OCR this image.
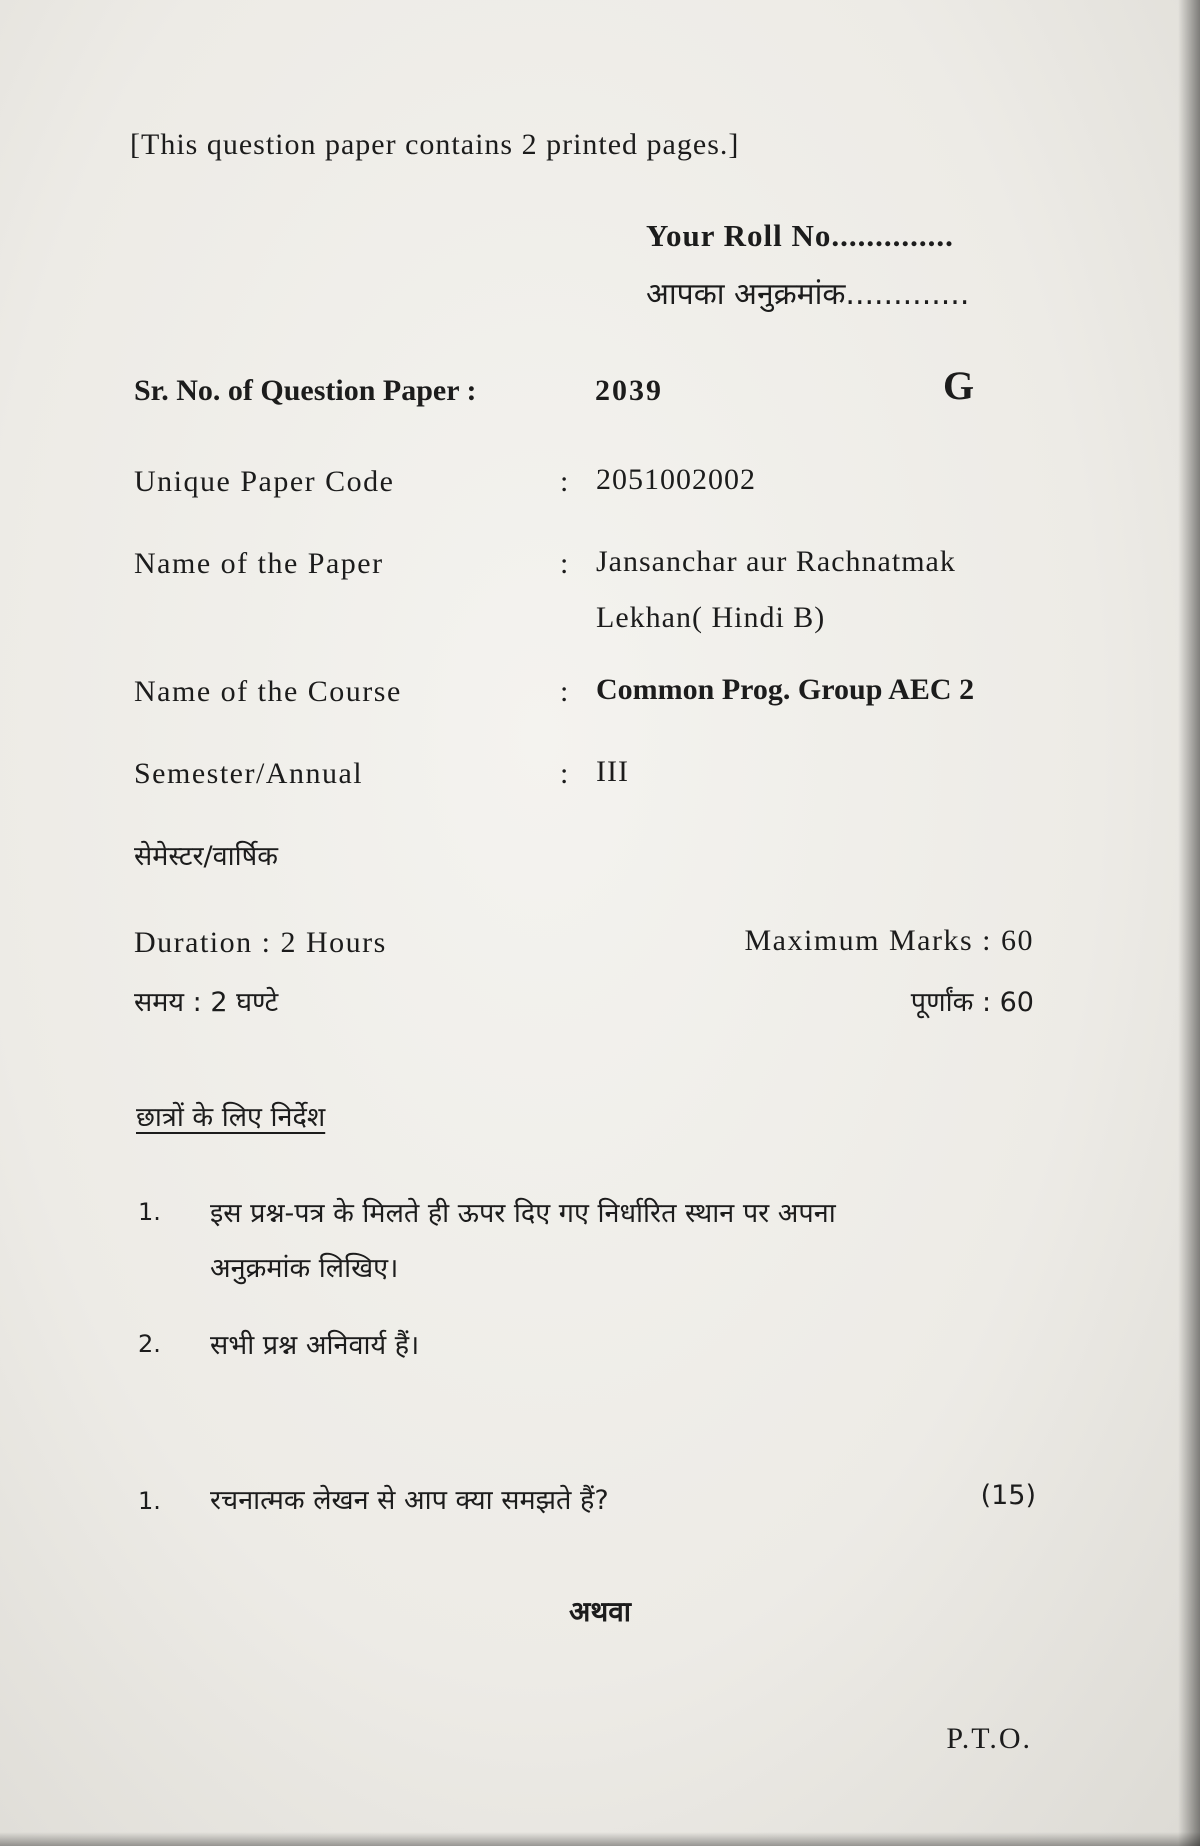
[This question paper contains 2 printed pages.]
Your Roll No..............
आपका अनुक्रमांक.............
Sr. No. of Question Paper :	2039	G
Unique Paper Code	: 2051002002
Name of the Paper	: Jansanchar aur Rachnatmak
Lekhan( Hindi B)
Name of the Course	: Common Prog. Group AEC 2
Semester/Annual	: III
सेमेस्टर/वार्षिक
Duration : 2 Hours
समय : 2 घण्टे
Maximum Marks : 60
पूर्णांक : 60
छात्रों के लिए निर्देश
1. इस प्रश्न-पत्र के मिलते ही ऊपर दिए गए निर्धारित स्थान पर अपना
अनुक्रमांक लिखिए।
2. सभी प्रश्न अनिवार्य हैं।
1. रचनात्मक लेखन से आप क्या समझते हैं?	(15)
अथवा
P.T.O.
